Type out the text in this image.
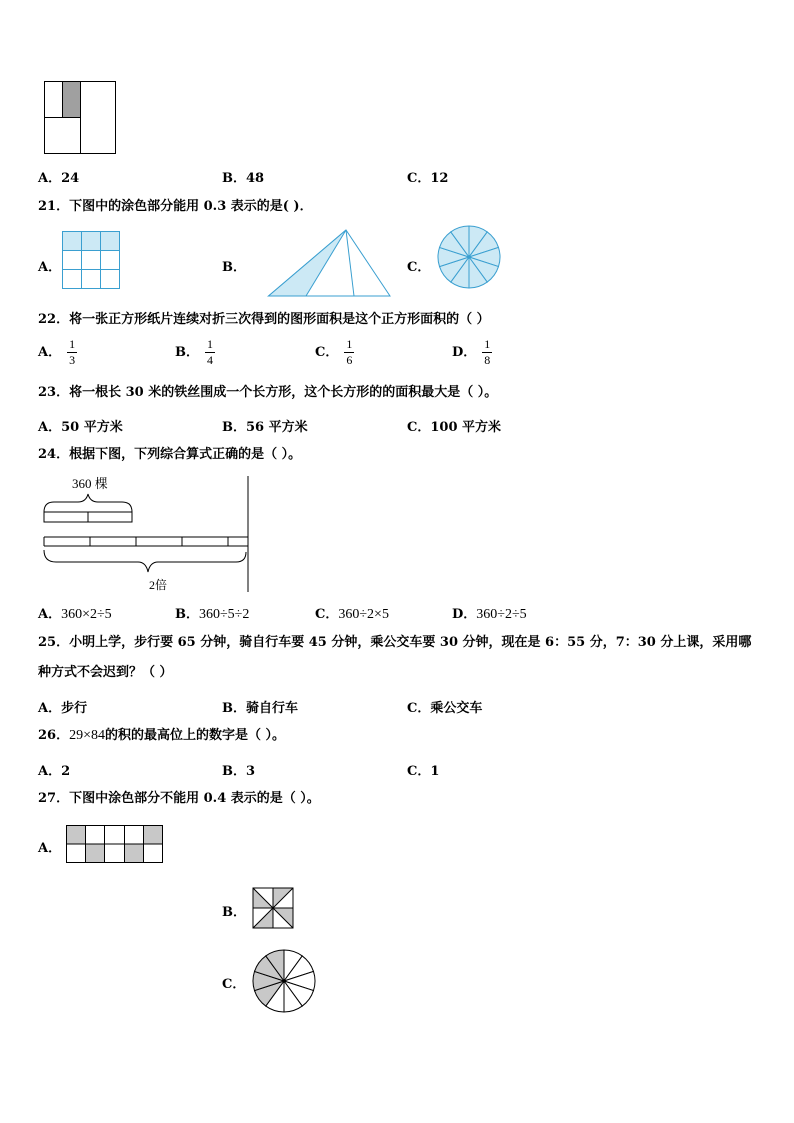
A．24	B．48	C．12
21．下图中的涂色部分能用 0.3 表示的是( )．
A．	B．	C．
22．将一张正方形纸片连续对折三次得到的图形面积是这个正方形面积的（ ）
A． $\frac{1}{3}$	B． $\frac{1}{4}$	C． $\frac{1}{6}$	D． $\frac{1}{8}$
23．将一根长 30 米的铁丝围成一个长方形，这个长方形的的面积最大是（ ）。
A．50 平方米	B．56 平方米	C．100 平方米
24．根据下图，下列综合算式正确的是（ ）。
360 棵
2倍
A．360×2÷5	B．360÷5÷2	C．360÷2×5	D．360÷2÷5
25．小明上学，步行要 65 分钟，骑自行车要 45 分钟，乘公交车要 30 分钟，现在是 6：55 分，7：30 分上课，采用哪
种方式不会迟到？（ ）
A．步行	B．骑自行车	C．乘公交车
26．29×84的积的最高位上的数字是（ ）。
A．2	B．3	C．1
27．下图中涂色部分不能用 0.4 表示的是（ ）。
A．
B．
C．
